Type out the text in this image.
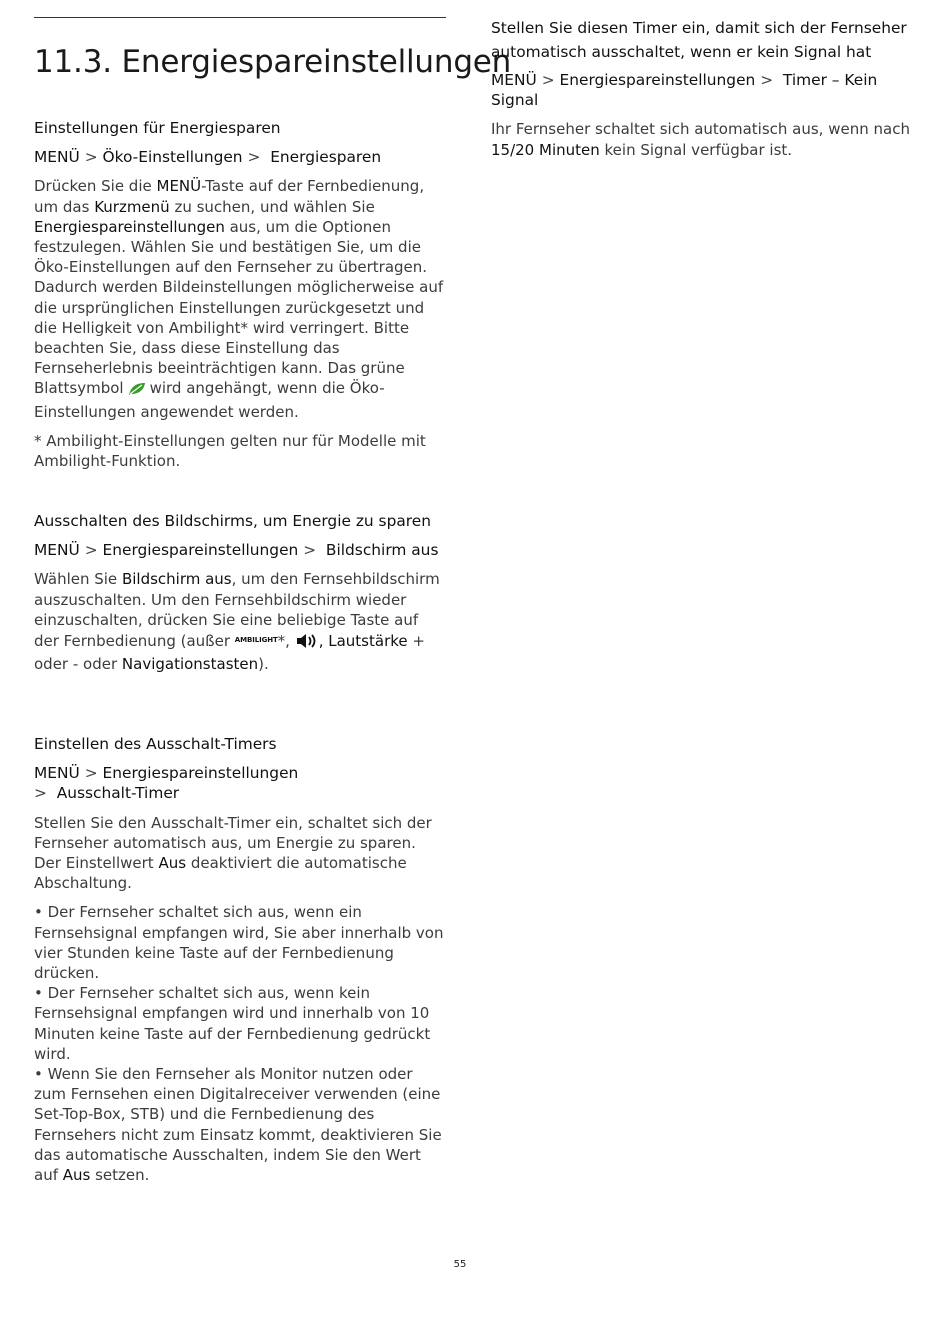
11.3. Energiespareinstellungen

Einstellungen für Energiesparen

MENÜ > Öko-Einstellungen > Energiesparen

Drücken Sie die MENÜ-Taste auf der Fernbedienung, um das Kurzmenü zu suchen, und wählen Sie Energiespareinstellungen aus, um die Optionen festzulegen. Wählen Sie und bestätigen Sie, um die Öko-Einstellungen auf den Fernseher zu übertragen. Dadurch werden Bildeinstellungen möglicherweise auf die ursprünglichen Einstellungen zurückgesetzt und die Helligkeit von Ambilight* wird verringert. Bitte beachten Sie, dass diese Einstellung das Fernseherlebnis beeinträchtigen kann. Das grüne Blattsymbol wird angehängt, wenn die Öko-Einstellungen angewendet werden.

* Ambilight-Einstellungen gelten nur für Modelle mit Ambilight-Funktion.

Ausschalten des Bildschirms, um Energie zu sparen

MENÜ > Energiespareinstellungen > Bildschirm aus

Wählen Sie Bildschirm aus, um den Fernsehbildschirm auszuschalten. Um den Fernsehbildschirm wieder einzuschalten, drücken Sie eine beliebige Taste auf der Fernbedienung (außer $^{AMBILIGHT}$*, , Lautstärke + oder - oder Navigationstasten).

Einstellen des Ausschalt-Timers

MENÜ > Energiespareinstellungen
> Ausschalt-Timer

Stellen Sie den Ausschalt-Timer ein, schaltet sich der Fernseher automatisch aus, um Energie zu sparen. Der Einstellwert Aus deaktiviert die automatische Abschaltung.

• Der Fernseher schaltet sich aus, wenn ein Fernsehsignal empfangen wird, Sie aber innerhalb von vier Stunden keine Taste auf der Fernbedienung drücken.
• Der Fernseher schaltet sich aus, wenn kein Fernsehsignal empfangen wird und innerhalb von 10 Minuten keine Taste auf der Fernbedienung gedrückt wird.
• Wenn Sie den Fernseher als Monitor nutzen oder zum Fernsehen einen Digitalreceiver verwenden (eine Set-Top-Box, STB) und die Fernbedienung des Fernsehers nicht zum Einsatz kommt, deaktivieren Sie das automatische Ausschalten, indem Sie den Wert auf Aus setzen.

Stellen Sie diesen Timer ein, damit sich der Fernseher automatisch ausschaltet, wenn er kein Signal hat

MENÜ > Energiespareinstellungen > Timer – Kein Signal

Ihr Fernseher schaltet sich automatisch aus, wenn nach 15/20 Minuten kein Signal verfügbar ist.

55
